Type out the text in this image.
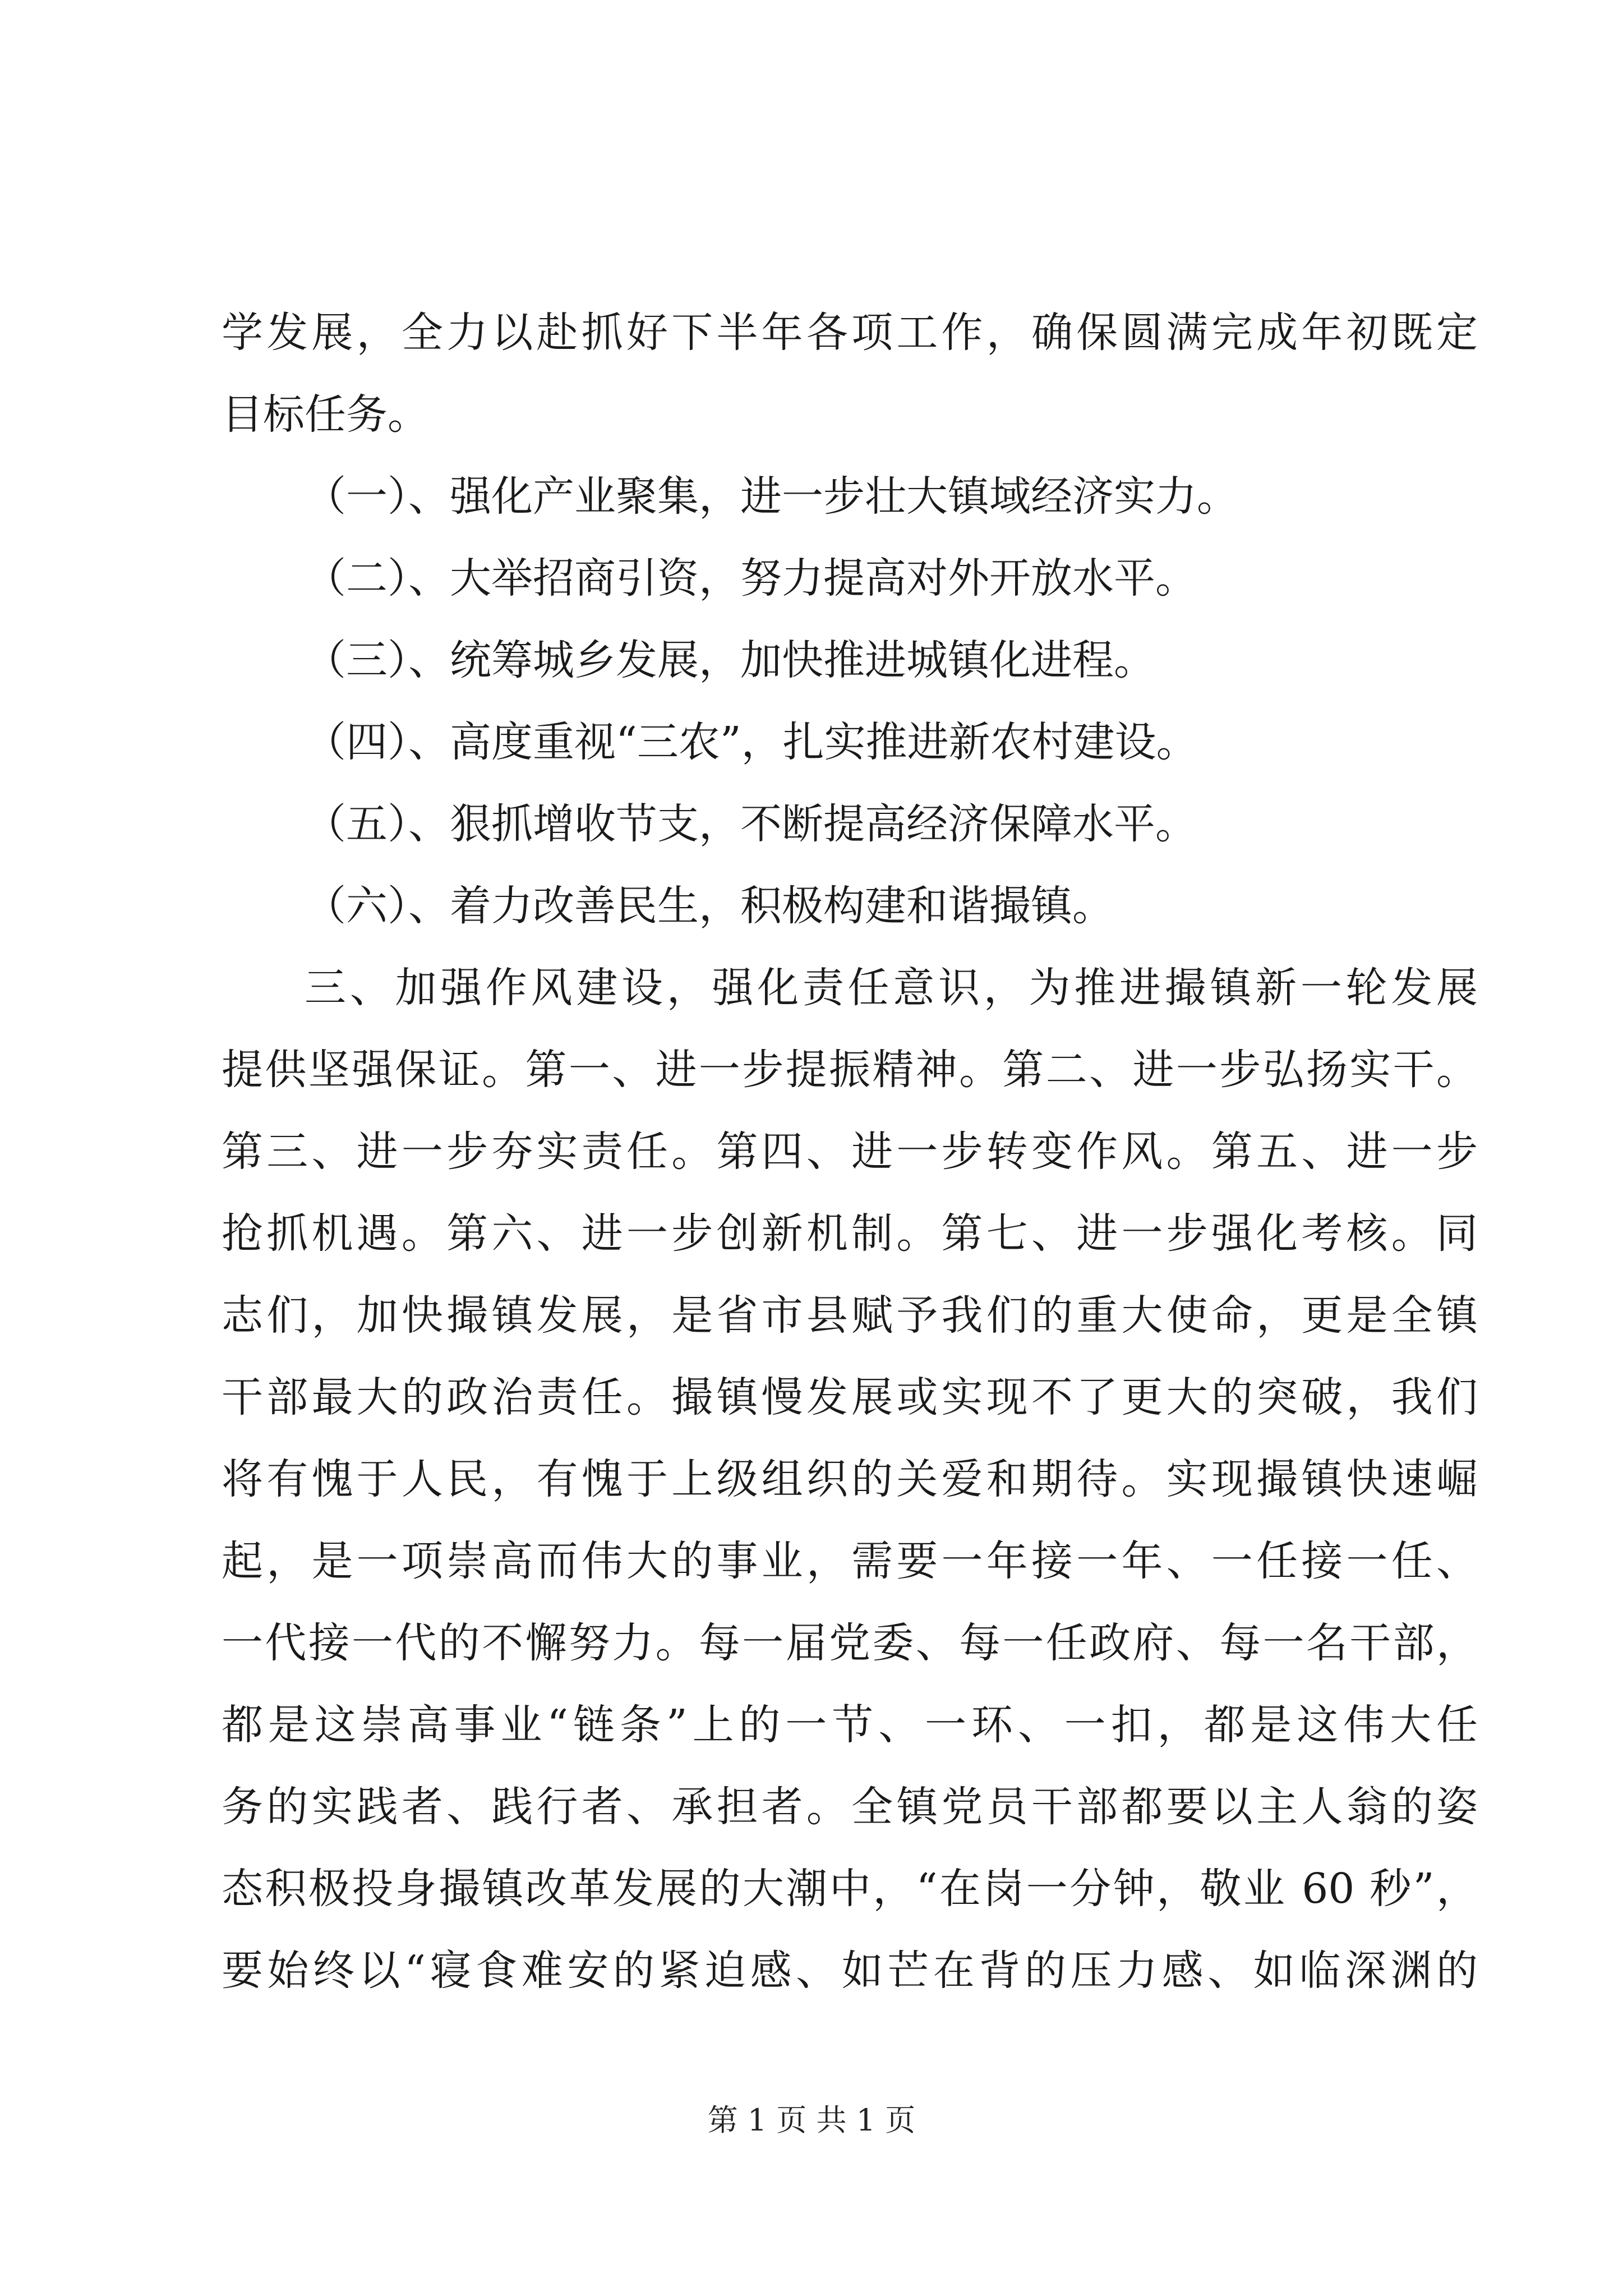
学发展，全力以赴抓好下半年各项工作，确保圆满完成年初既定
目标任务。
（一）、强化产业聚集，进一步壮大镇域经济实力。
（二）、大举招商引资，努力提高对外开放水平。
（三）、统筹城乡发展，加快推进城镇化进程。
（四）、高度重视“三农”，扎实推进新农村建设。
（五）、狠抓增收节支，不断提高经济保障水平。
（六）、着力改善民生，积极构建和谐撮镇。
三、加强作风建设，强化责任意识，为推进撮镇新一轮发展
提供坚强保证。第一、进一步提振精神。第二、进一步弘扬实干。
第三、进一步夯实责任。第四、进一步转变作风。第五、进一步
抢抓机遇。第六、进一步创新机制。第七、进一步强化考核。同
志们，加快撮镇发展，是省市县赋予我们的重大使命，更是全镇
干部最大的政治责任。撮镇慢发展或实现不了更大的突破，我们
将有愧于人民，有愧于上级组织的关爱和期待。实现撮镇快速崛
起，是一项崇高而伟大的事业，需要一年接一年、一任接一任、
一代接一代的不懈努力。每一届党委、每一任政府、每一名干部，
都是这崇高事业“链条”上的一节、一环、一扣，都是这伟大任
务的实践者、践行者、承担者。全镇党员干部都要以主人翁的姿
态积极投身撮镇改革发展的大潮中，“在岗一分钟，敬业 60 秒”，
要始终以“寝食难安的紧迫感、如芒在背的压力感、如临深渊的
第 1 页 共 1 页
